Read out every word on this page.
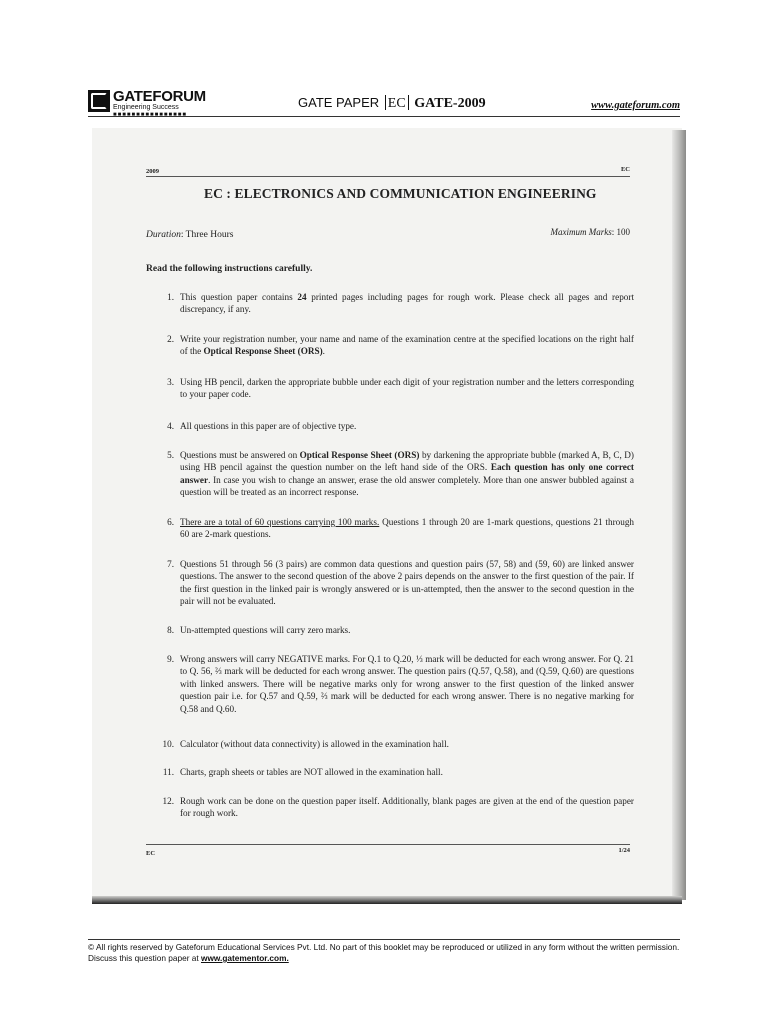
GATEFORUM
Engineering Success
■■■■■■■■■■■■■■■■
GATE PAPER EC GATE-2009	www.gateforum.com
2009	EC
EC : ELECTRONICS AND COMMUNICATION ENGINEERING
Duration: Three Hours	Maximum Marks: 100
Read the following instructions carefully.
1. This question paper contains 24 printed pages including pages for rough work. Please check all pages and report discrepancy, if any.
2. Write your registration number, your name and name of the examination centre at the specified locations on the right half of the Optical Response Sheet (ORS).
3. Using HB pencil, darken the appropriate bubble under each digit of your registration number and the letters corresponding to your paper code.
4. All questions in this paper are of objective type.
5. Questions must be answered on Optical Response Sheet (ORS) by darkening the appropriate bubble (marked A, B, C, D) using HB pencil against the question number on the left hand side of the ORS. Each question has only one correct answer. In case you wish to change an answer, erase the old answer completely. More than one answer bubbled against a question will be treated as an incorrect response.
6. There are a total of 60 questions carrying 100 marks. Questions 1 through 20 are 1-mark questions, questions 21 through 60 are 2-mark questions.
7. Questions 51 through 56 (3 pairs) are common data questions and question pairs (57, 58) and (59, 60) are linked answer questions. The answer to the second question of the above 2 pairs depends on the answer to the first question of the pair. If the first question in the linked pair is wrongly answered or is un-attempted, then the answer to the second question in the pair will not be evaluated.
8. Un-attempted questions will carry zero marks.
9. Wrong answers will carry NEGATIVE marks. For Q.1 to Q.20, ⅓ mark will be deducted for each wrong answer. For Q. 21 to Q. 56, ⅔ mark will be deducted for each wrong answer. The question pairs (Q.57, Q.58), and (Q.59, Q.60) are questions with linked answers. There will be negative marks only for wrong answer to the first question of the linked answer question pair i.e. for Q.57 and Q.59, ⅔ mark will be deducted for each wrong answer. There is no negative marking for Q.58 and Q.60.
10. Calculator (without data connectivity) is allowed in the examination hall.
11. Charts, graph sheets or tables are NOT allowed in the examination hall.
12. Rough work can be done on the question paper itself. Additionally, blank pages are given at the end of the question paper for rough work.
EC	1/24
© All rights reserved by Gateforum Educational Services Pvt. Ltd. No part of this booklet may be reproduced or utilized in any form without the written permission. Discuss this question paper at www.gatementor.com.
